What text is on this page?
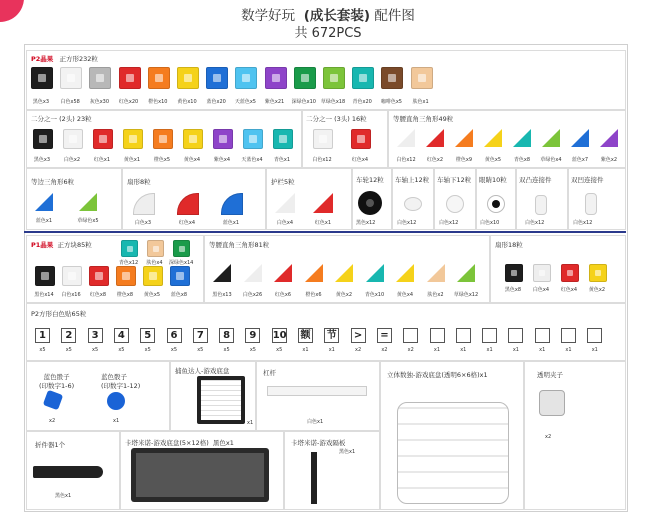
数学好玩 (成长套装) 配件图
共 672PCS
P2晶果 正方形232粒
黑色x3	白色x58	灰色x30	红色x20	橙色x10	黄色x10	蓝色x20	天蓝色x5	紫色x21	深绿色x10 草绿色x18	青色x20	咖啡色x5	肤色x1
二分之一 (2头) 23粒
黑色x3	白色x2	红色x1	黄色x1	橙色x5	黄色x4	紫色x4	天蓝色x4	青色x1
二分之一 (3头) 16粒
白色x12	红色x4
等腰直角三角形49粒
白色x12	红色x2	橙色x9	黄色x5	青色x8	草绿色x4	蓝色x7	紫色x2
等边三角形6粒
蓝色x1	草绿色x5
扇形8粒
白色x3	红色x4	蓝色x1
护栏5粒
白色x4	红色x1
车轮12粒
黑色x12
车轴上12粒
白色x12
车轴下12粒
白色x12
眼睛10粒
白色x10
双凸连接件
白色x12
双凹连接件
白色x12
P1晶果 正方块85粒
青色x12	肤色x4	深绿色x14
黑色x14	白色x16	红色x8	橙色x8	黄色x5	蓝色x8
等腰直角三角形81粒
黑色x13	白色x26	红色x6	橙色x6	黄色x2	青色x10	黄色x4	肤色x2	草绿色x12
扇形18粒
黑色x8	白色x4	红色x4	黄色x2
P2方形白色贴65粒
1
x5
2
x5
3
x5
4
x5
5
x5
6
x5
7
x5
8
x5
9
x5
10
x5
额
x1
节
x1
>
x2
=
x2	x2	x1	x1	x1	x1	x1	x1	x1
蓝色骰子
(印数字1-6)
x2
蓝色骰子
(印数字1-12)
x1
捕鱼达人-游戏底盘
x1
杠杆
白色x1
立体数独-游戏底盘(透明6×6格)x1	透明夹子
x2
折件器1个
黑色x1
卡塔米诺-游戏底盘(5×12格) 黑色x1	卡塔米诺-游戏隔板
黑色x1
